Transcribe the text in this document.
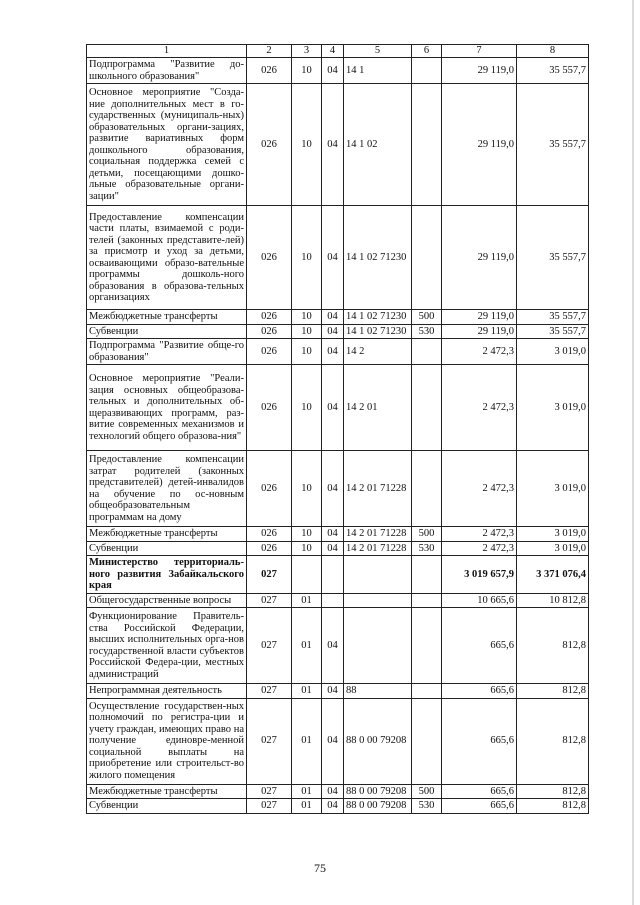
1	2	3	4	5	6	7	8
Подпрограмма "Развитие до-школьного образования"	026	10	04	14 1		29 119,0	35 557,7
Основное мероприятие "Созда-ние дополнительных мест в го-сударственных (муниципаль-ных) образовательных органи-зациях, развитие вариативных форм дошкольного образования, социальная поддержка семей с детьми, посещающими дошко-льные образовательные органи-зации"	026	10	04	14 1 02		29 119,0	35 557,7
Предоставление компенсации части платы, взимаемой с роди-телей (законных представите-лей) за присмотр и уход за детьми, осваивающими образо-вательные программы дошколь-ного образования в образова-тельных организациях	026	10	04	14 1 02 71230		29 119,0	35 557,7
Межбюджетные трансферты	026	10	04	14 1 02 71230	500	29 119,0	35 557,7
Субвенции	026	10	04	14 1 02 71230	530	29 119,0	35 557,7
Подпрограмма "Развитие обще-го образования"	026	10	04	14 2		2 472,3	3 019,0
Основное мероприятие "Реали-зация основных общеобразова-тельных и дополнительных об-щеразвивающих программ, раз-витие современных механизмов и технологий общего образова-ния"	026	10	04	14 2 01		2 472,3	3 019,0
Предоставление компенсации затрат родителей (законных представителей) детей-инвалидов на обучение по ос-новным общеобразовательным программам на дому	026	10	04	14 2 01 71228		2 472,3	3 019,0
Межбюджетные трансферты	026	10	04	14 2 01 71228	500	2 472,3	3 019,0
Субвенции	026	10	04	14 2 01 71228	530	2 472,3	3 019,0
Министерство территориаль-ного развития Забайкальского края	027					3 019 657,9	3 371 076,4
Общегосударственные вопросы	027	01				10 665,6	10 812,8
Функционирование Правитель-ства Российской Федерации, высших исполнительных орга-нов государственной власти субъектов Российской Федера-ции, местных администраций	027	01	04			665,6	812,8
Непрограммная деятельность	027	01	04	88		665,6	812,8
Осуществление государствен-ных полномочий по регистра-ции и учету граждан, имеющих право на получение единовре-менной социальной выплаты на приобретение или строительст-во жилого помещения	027	01	04	88 0 00 79208		665,6	812,8
Межбюджетные трансферты	027	01	04	88 0 00 79208	500	665,6	812,8
Субвенции	027	01	04	88 0 00 79208	530	665,6	812,8
75
